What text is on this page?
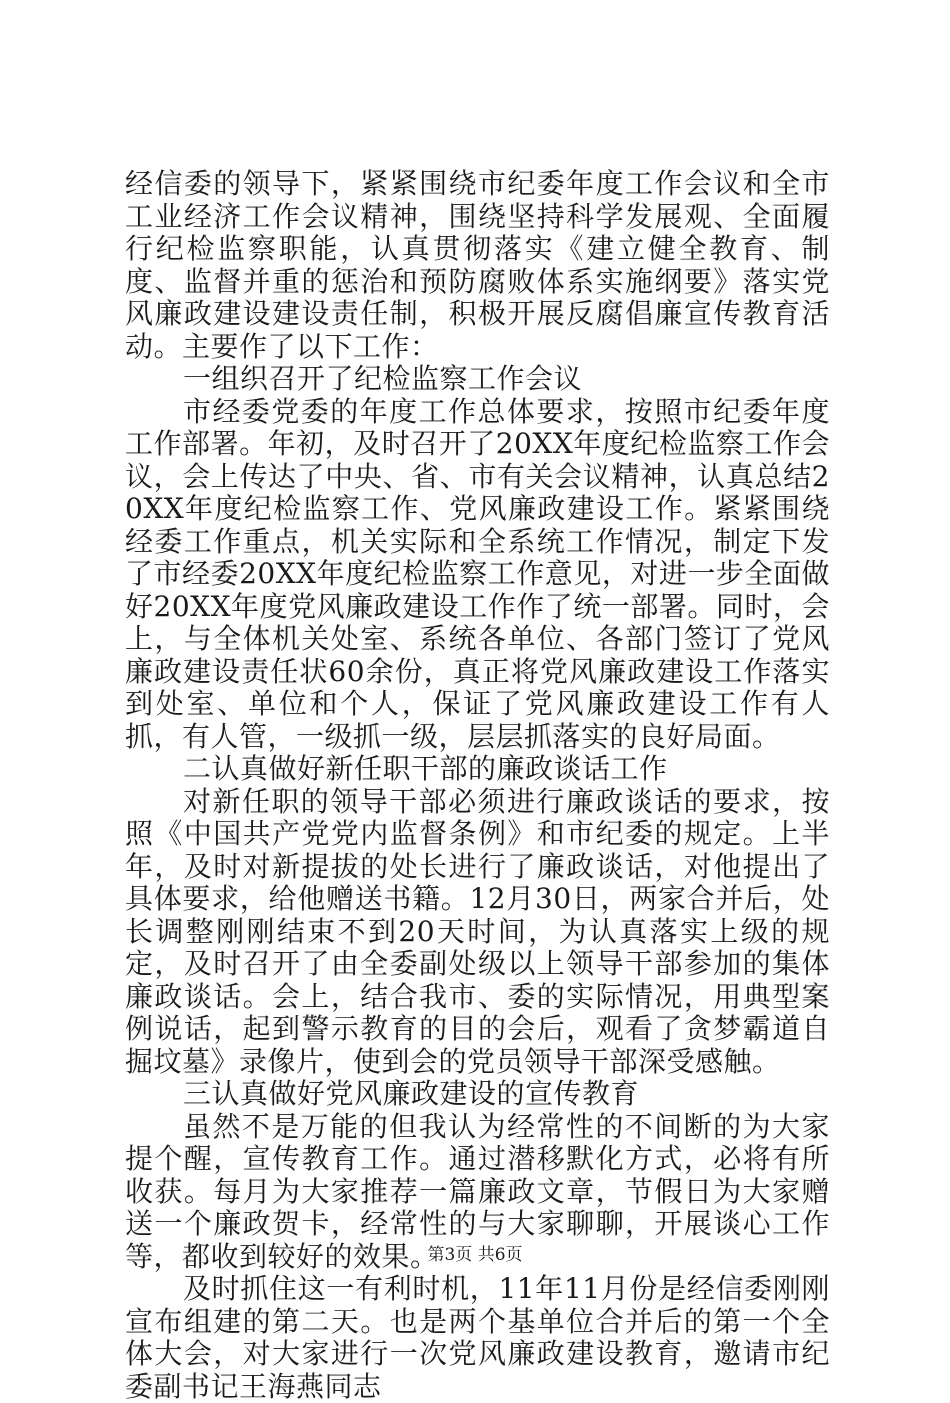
经信委的领导下，紧紧围绕市纪委年度工作会议和全市工业经济工作会议精神，围绕坚持科学发展观、全面履行纪检监察职能，认真贯彻落实《建立健全教育、制度、监督并重的惩治和预防腐败体系实施纲要》落实党风廉政建设建设责任制，积极开展反腐倡廉宣传教育活动。主要作了以下工作：

一组织召开了纪检监察工作会议

市经委党委的年度工作总体要求，按照市纪委年度工作部署。年初，及时召开了20XX年度纪检监察工作会议，会上传达了中央、省、市有关会议精神，认真总结20XX年度纪检监察工作、党风廉政建设工作。紧紧围绕经委工作重点，机关实际和全系统工作情况，制定下发了市经委20XX年度纪检监察工作意见，对进一步全面做好20XX年度党风廉政建设工作作了统一部署。同时，会上，与全体机关处室、系统各单位、各部门签订了党风廉政建设责任状60余份，真正将党风廉政建设工作落实到处室、单位和个人，保证了党风廉政建设工作有人抓，有人管，一级抓一级，层层抓落实的良好局面。

二认真做好新任职干部的廉政谈话工作

对新任职的领导干部必须进行廉政谈话的要求，按照《中国共产党党内监督条例》和市纪委的规定。上半年，及时对新提拔的处长进行了廉政谈话，对他提出了具体要求，给他赠送书籍。12月30日，两家合并后，处长调整刚刚结束不到20天时间，为认真落实上级的规定，及时召开了由全委副处级以上领导干部参加的集体廉政谈话。会上，结合我市、委的实际情况，用典型案例说话，起到警示教育的目的会后，观看了贪梦霸道自掘坟墓》录像片，使到会的党员领导干部深受感触。

三认真做好党风廉政建设的宣传教育

虽然不是万能的但我认为经常性的不间断的为大家提个醒，宣传教育工作。通过潜移默化方式，必将有所收获。每月为大家推荐一篇廉政文章，节假日为大家赠送一个廉政贺卡，经常性的与大家聊聊，开展谈心工作等，都收到较好的效果。

及时抓住这一有利时机，11年11月份是经信委刚刚宣布组建的第二天。也是两个基单位合并后的第一个全体大会，对大家进行一次党风廉政建设教育，邀请市纪委副书记王海燕同志

第3页 共6页
